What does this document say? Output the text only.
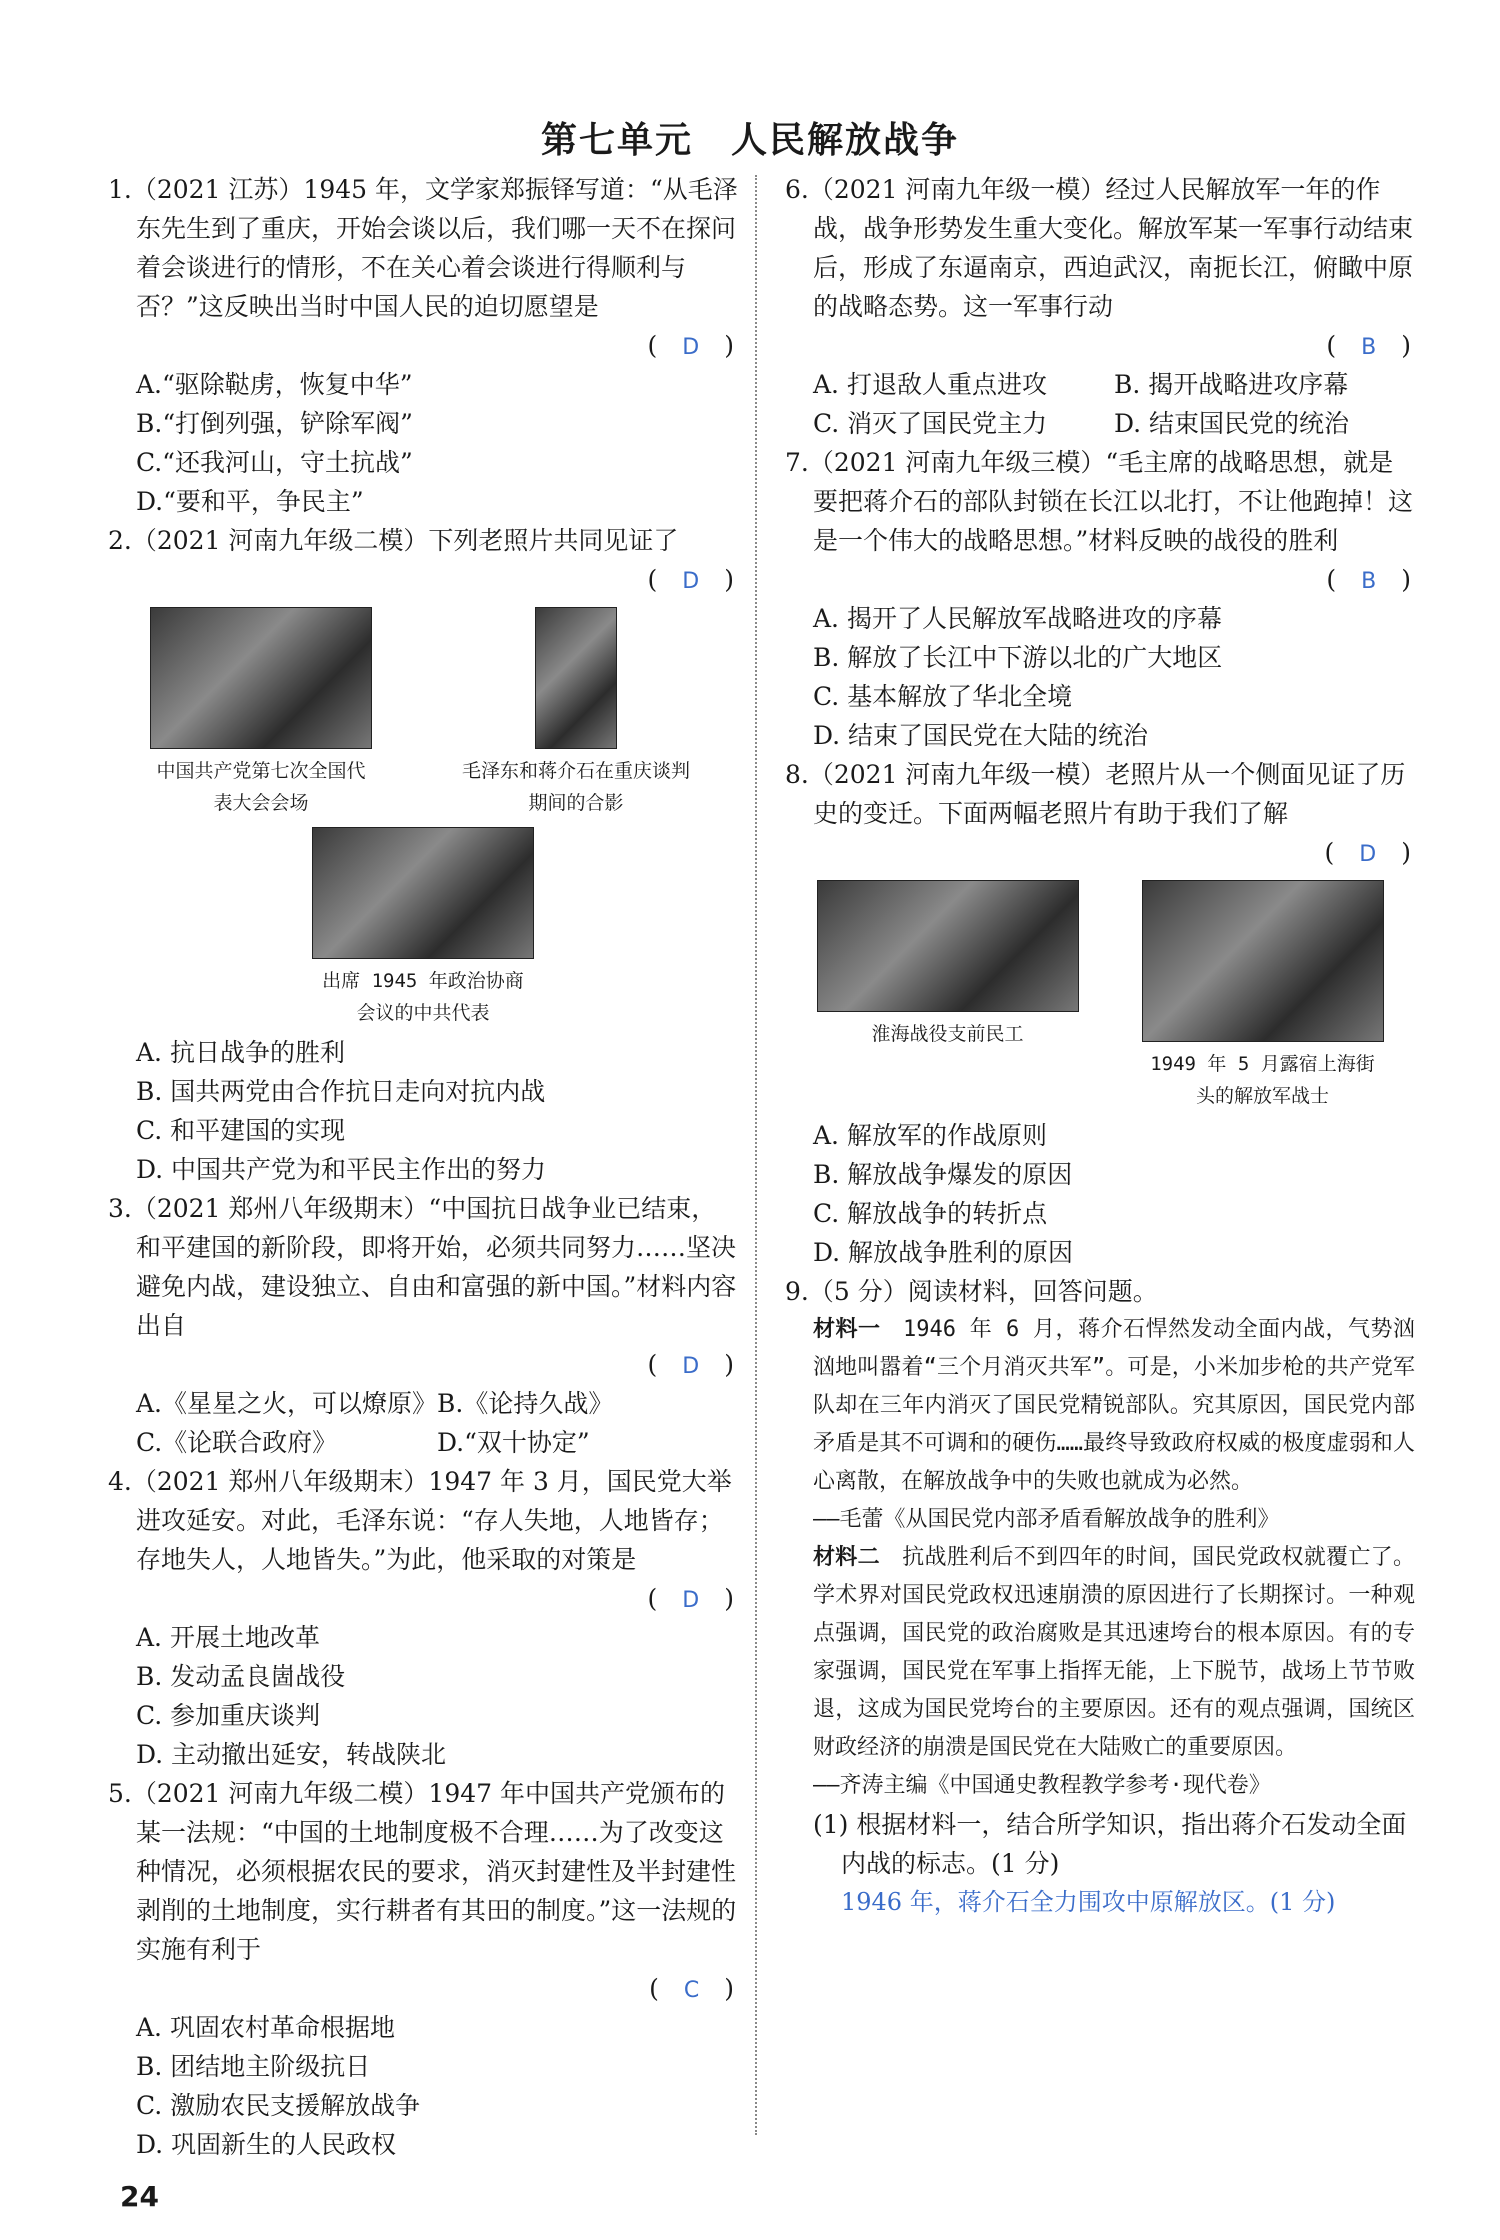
第七单元　人民解放战争
1.（2021 江苏）1945 年，文学家郑振铎写道：“从毛泽东先生到了重庆，开始会谈以后，我们哪一天不在探问着会谈进行的情形，不在关心着会谈进行得顺利与否？”这反映出当时中国人民的迫切愿望是
(　D　)
A.“驱除鞑虏，恢复中华”
B.“打倒列强，铲除军阀”
C.“还我河山，守土抗战”
D.“要和平，争民主”
2.（2021 河南九年级二模）下列老照片共同见证了
(　D　)
中国共产党第七次全国代表大会会场
毛泽东和蒋介石在重庆谈判期间的合影
出席 1945 年政治协商会议的中共代表
A. 抗日战争的胜利
B. 国共两党由合作抗日走向对抗内战
C. 和平建国的实现
D. 中国共产党为和平民主作出的努力
3.（2021 郑州八年级期末）“中国抗日战争业已结束，和平建国的新阶段，即将开始，必须共同努力……坚决避免内战，建设独立、自由和富强的新中国。”材料内容出自
(　D　)
A.《星星之火，可以燎原》 B.《论持久战》
C.《论联合政府》	D.“双十协定”
4.（2021 郑州八年级期末）1947 年 3 月，国民党大举进攻延安。对此，毛泽东说：“存人失地，人地皆存；存地失人，人地皆失。”为此，他采取的对策是
(　D　)
A. 开展土地改革
B. 发动孟良崮战役
C. 参加重庆谈判
D. 主动撤出延安，转战陕北
5.（2021 河南九年级二模）1947 年中国共产党颁布的某一法规：“中国的土地制度极不合理……为了改变这种情况，必须根据农民的要求，消灭封建性及半封建性剥削的土地制度，实行耕者有其田的制度。”这一法规的实施有利于
(　C　)
A. 巩固农村革命根据地
B. 团结地主阶级抗日
C. 激励农民支援解放战争
D. 巩固新生的人民政权
6.（2021 河南九年级一模）经过人民解放军一年的作战，战争形势发生重大变化。解放军某一军事行动结束后，形成了东逼南京，西迫武汉，南扼长江，俯瞰中原的战略态势。这一军事行动
(　B　)
A. 打退敌人重点进攻	B. 揭开战略进攻序幕
C. 消灭了国民党主力	D. 结束国民党的统治
7.（2021 河南九年级三模）“毛主席的战略思想，就是要把蒋介石的部队封锁在长江以北打，不让他跑掉！这是一个伟大的战略思想。”材料反映的战役的胜利
(　B　)
A. 揭开了人民解放军战略进攻的序幕
B. 解放了长江中下游以北的广大地区
C. 基本解放了华北全境
D. 结束了国民党在大陆的统治
8.（2021 河南九年级一模）老照片从一个侧面见证了历史的变迁。下面两幅老照片有助于我们了解
(　D　)
淮海战役支前民工
1949 年 5 月露宿上海街头的解放军战士
A. 解放军的作战原则
B. 解放战争爆发的原因
C. 解放战争的转折点
D. 解放战争胜利的原因
9.（5 分）阅读材料，回答问题。
材料一　1946 年 6 月，蒋介石悍然发动全面内战，气势汹汹地叫嚣着“三个月消灭共军”。可是，小米加步枪的共产党军队却在三年内消灭了国民党精锐部队。究其原因，国民党内部矛盾是其不可调和的硬伤……最终导致政府权威的极度虚弱和人心离散，在解放战争中的失败也就成为必然。
——毛蕾《从国民党内部矛盾看解放战争的胜利》
材料二　抗战胜利后不到四年的时间，国民党政权就覆亡了。学术界对国民党政权迅速崩溃的原因进行了长期探讨。一种观点强调，国民党的政治腐败是其迅速垮台的根本原因。有的专家强调，国民党在军事上指挥无能，上下脱节，战场上节节败退，这成为国民党垮台的主要原因。还有的观点强调，国统区财政经济的崩溃是国民党在大陆败亡的重要原因。
——齐涛主编《中国通史教程教学参考·现代卷》
(1) 根据材料一，结合所学知识，指出蒋介石发动全面内战的标志。(1 分)
1946 年，蒋介石全力围攻中原解放区。(1 分)
24
